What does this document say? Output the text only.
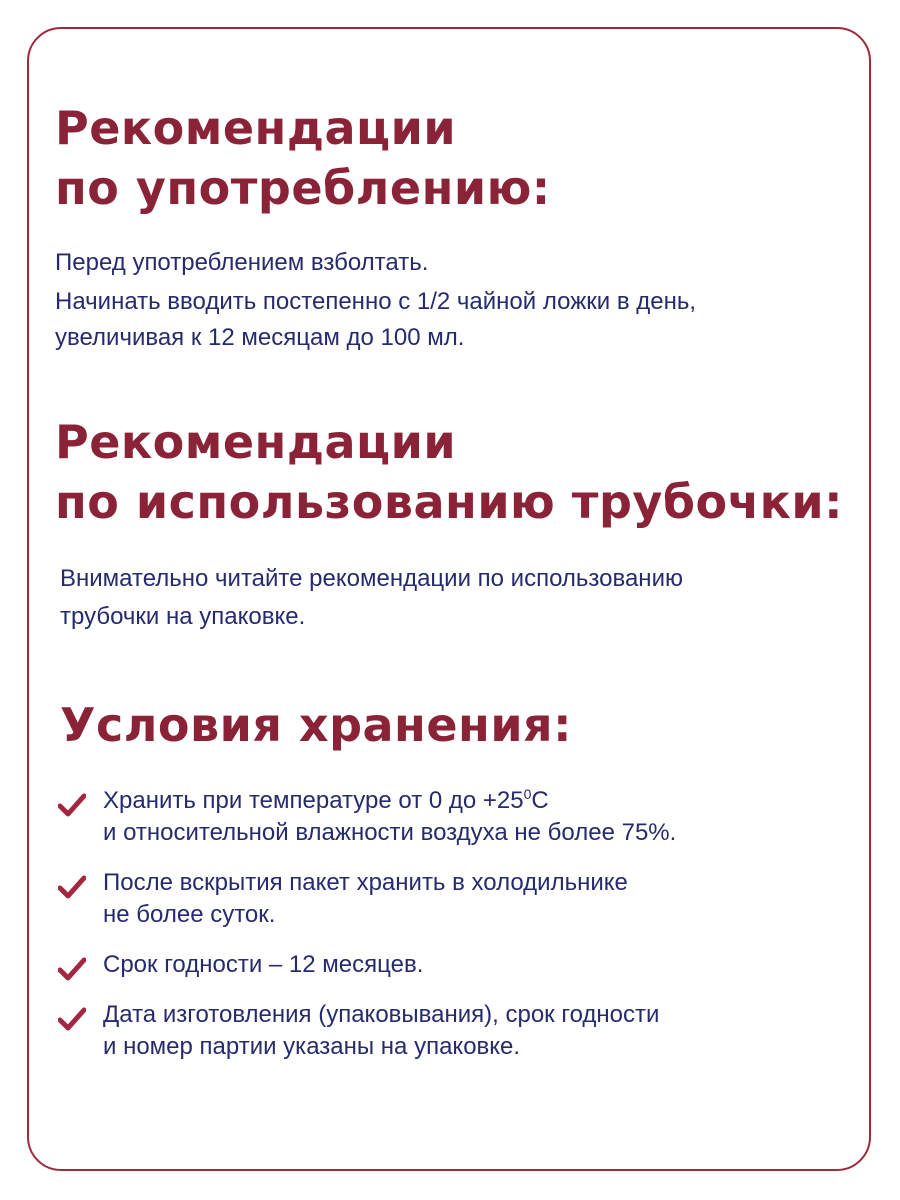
Рекомендации
по употреблению:

Перед употреблением взболтать.

Начинать вводить постепенно с 1/2 чайной ложки в день,
увеличивая к 12 месяцам до 100 мл.

Рекомендации
по использованию трубочки:

Внимательно читайте рекомендации по использованию
трубочки на упаковке.

Условия хранения:
Хранить при температуре от 0 до $+25^0С$
и относительной влажности воздуха не более 75%.
После вскрытия пакет хранить в холодильнике
не более суток.
Срок годности – 12 месяцев.
Дата изготовления (упаковывания), срок годности
и номер партии указаны на упаковке.
